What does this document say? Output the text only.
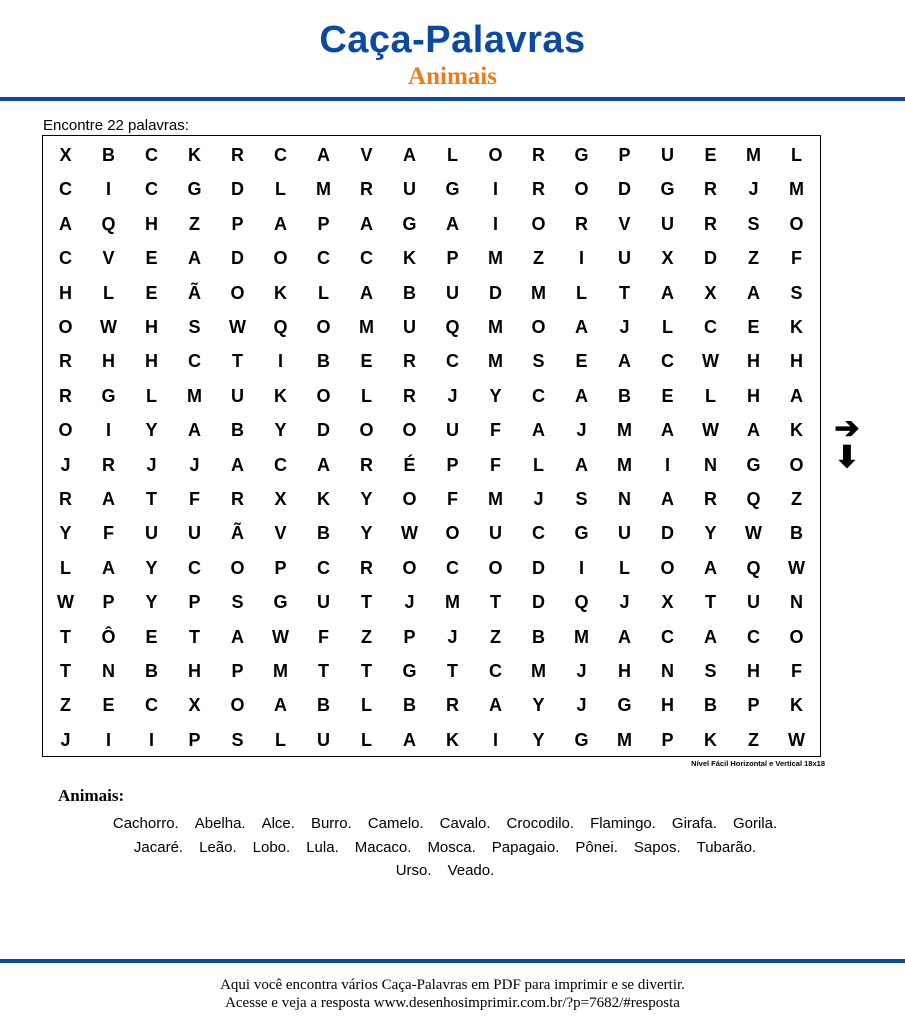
Caça-Palavras
Animais
Encontre 22 palavras:
X	B	C	K	R	C	A	V	A	L	O	R	G	P	U	E	M	L
C	I	C	G	D	L	M	R	U	G	I	R	O	D	G	R	J	M
A	Q	H	Z	P	A	P	A	G	A	I	O	R	V	U	R	S	O
C	V	E	A	D	O	C	C	K	P	M	Z	I	U	X	D	Z	F
H	L	E	Ã	O	K	L	A	B	U	D	M	L	T	A	X	A	S
O	W	H	S	W	Q	O	M	U	Q	M	O	A	J	L	C	E	K
R	H	H	C	T	I	B	E	R	C	M	S	E	A	C	W	H	H
R	G	L	M	U	K	O	L	R	J	Y	C	A	B	E	L	H	A
O	I	Y	A	B	Y	D	O	O	U	F	A	J	M	A	W	A	K
J	R	J	J	A	C	A	R	É	P	F	L	A	M	I	N	G	O
R	A	T	F	R	X	K	Y	O	F	M	J	S	N	A	R	Q	Z
Y	F	U	U	Ã	V	B	Y	W	O	U	C	G	U	D	Y	W	B
L	A	Y	C	O	P	C	R	O	C	O	D	I	L	O	A	Q	W
W	P	Y	P	S	G	U	T	J	M	T	D	Q	J	X	T	U	N
T	Ô	E	T	A	W	F	Z	P	J	Z	B	M	A	C	A	C	O
T	N	B	H	P	M	T	T	G	T	C	M	J	H	N	S	H	F
Z	E	C	X	O	A	B	L	B	R	A	Y	J	G	H	B	P	K
J	I	I	P	S	L	U	L	A	K	I	Y	G	M	P	K	Z	W
Nível Fácil Horizontal e Vertical 18x18
➔
⬇
Animais:
Cachorro. Abelha. Alce. Burro. Camelo. Cavalo. Crocodilo. Flamingo. Girafa. Gorila.
Jacaré. Leão. Lobo. Lula. Macaco. Mosca. Papagaio. Pônei. Sapos. Tubarão.
Urso. Veado.
Aqui você encontra vários Caça-Palavras em PDF para imprimir e se divertir.
Acesse e veja a resposta www.desenhosimprimir.com.br/?p=7682/#resposta
